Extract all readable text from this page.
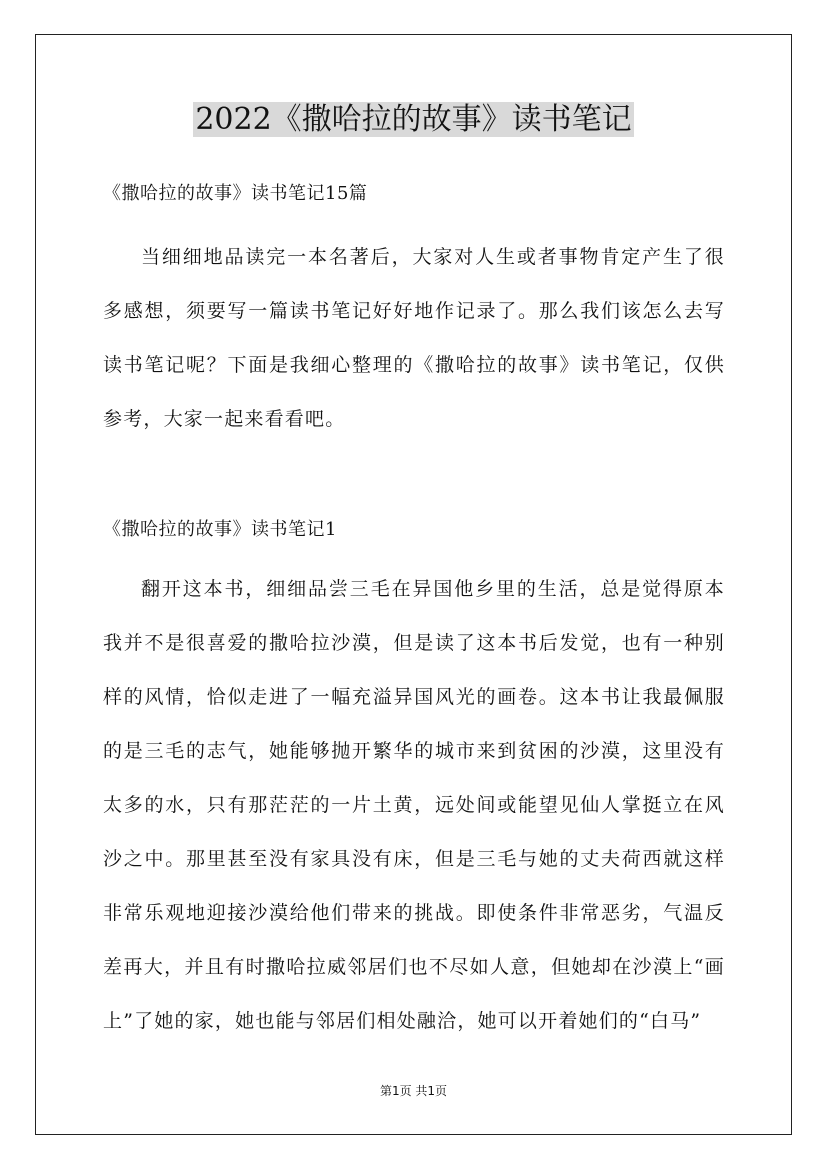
2022《撒哈拉的故事》读书笔记

《撒哈拉的故事》读书笔记15篇

当细细地品读完一本名著后，大家对人生或者事物肯定产生了很多感想，须要写一篇读书笔记好好地作记录了。那么我们该怎么去写读书笔记呢？下面是我细心整理的《撒哈拉的故事》读书笔记，仅供参考，大家一起来看看吧。

《撒哈拉的故事》读书笔记1

翻开这本书，细细品尝三毛在异国他乡里的生活，总是觉得原本我并不是很喜爱的撒哈拉沙漠，但是读了这本书后发觉，也有一种别样的风情，恰似走进了一幅充溢异国风光的画卷。这本书让我最佩服的是三毛的志气，她能够抛开繁华的城市来到贫困的沙漠，这里没有太多的水，只有那茫茫的一片土黄，远处间或能望见仙人掌挺立在风沙之中。那里甚至没有家具没有床，但是三毛与她的丈夫荷西就这样非常乐观地迎接沙漠给他们带来的挑战。即使条件非常恶劣，气温反差再大，并且有时撒哈拉威邻居们也不尽如人意，但她却在沙漠上“画上”了她的家，她也能与邻居们相处融洽，她可以开着她们的“白马”

第1页 共1页
